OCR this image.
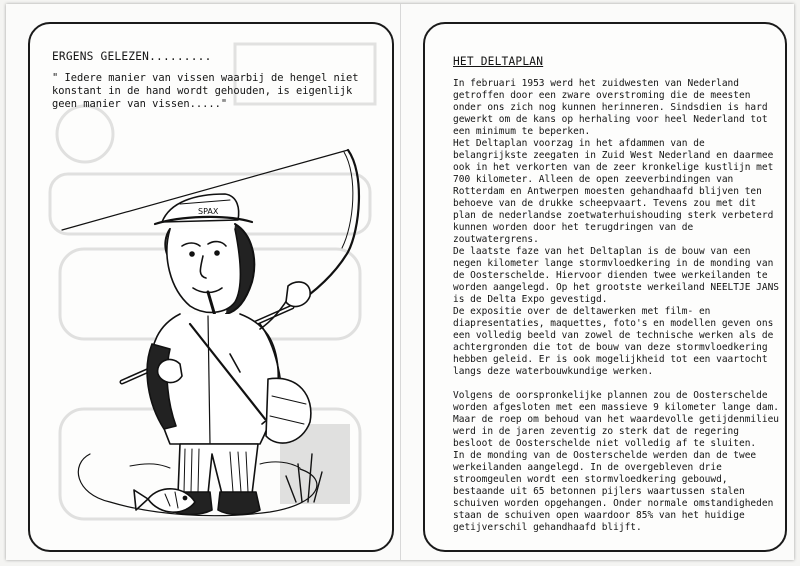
ERGENS GELEZEN.........
" Iedere manier van vissen waarbij de hengel niet
konstant in de hand wordt gehouden, is eigenlijk
geen manier van vissen....."
SPAX
HET DELTAPLAN
In februari 1953 werd het zuidwesten van Nederland
getroffen door een zware overstroming die de meesten
onder ons zich nog kunnen herinneren. Sindsdien is hard
gewerkt om de kans op herhaling voor heel Nederland tot
een minimum te beperken.
Het Deltaplan voorzag in het afdammen van de
belangrijkste zeegaten in Zuid West Nederland en daarmee
ook in het verkorten van de zeer kronkelige kustlijn met
700 kilometer. Alleen de open zeeverbindingen van
Rotterdam en Antwerpen moesten gehandhaafd blijven ten
behoeve van de drukke scheepvaart. Tevens zou met dit
plan de nederlandse zoetwaterhuishouding sterk verbeterd
kunnen worden door het terugdringen van de
zoutwatergrens.
De laatste faze van het Deltaplan is de bouw van een
negen kilometer lange stormvloedkering in de monding van
de Oosterschelde. Hiervoor dienden twee werkeilanden te
worden aangelegd. Op het grootste werkeiland NEELTJE JANS
is de Delta Expo gevestigd.
De expositie over de deltawerken met film- en
diapresentaties, maquettes, foto's en modellen geven ons
een volledig beeld van zowel de technische werken als de
achtergronden die tot de bouw van deze stormvloedkering
hebben geleid. Er is ook mogelijkheid tot een vaartocht
langs deze waterbouwkundige werken.
Volgens de oorspronkelijke plannen zou de Oosterschelde
worden afgesloten met een massieve 9 kilometer lange dam.
Maar de roep om behoud van het waardevolle getijdenmilieu
werd in de jaren zeventig zo sterk dat de regering
besloot de Oosterschelde niet volledig af te sluiten.
In de monding van de Oosterschelde werden dan de twee
werkeilanden aangelegd. In de overgebleven drie
stroomgeulen wordt een stormvloedkering gebouwd,
bestaande uit 65 betonnen pijlers waartussen stalen
schuiven worden opgehangen. Onder normale omstandigheden
staan de schuiven open waardoor 85% van het huidige
getijverschil gehandhaafd blijft.
